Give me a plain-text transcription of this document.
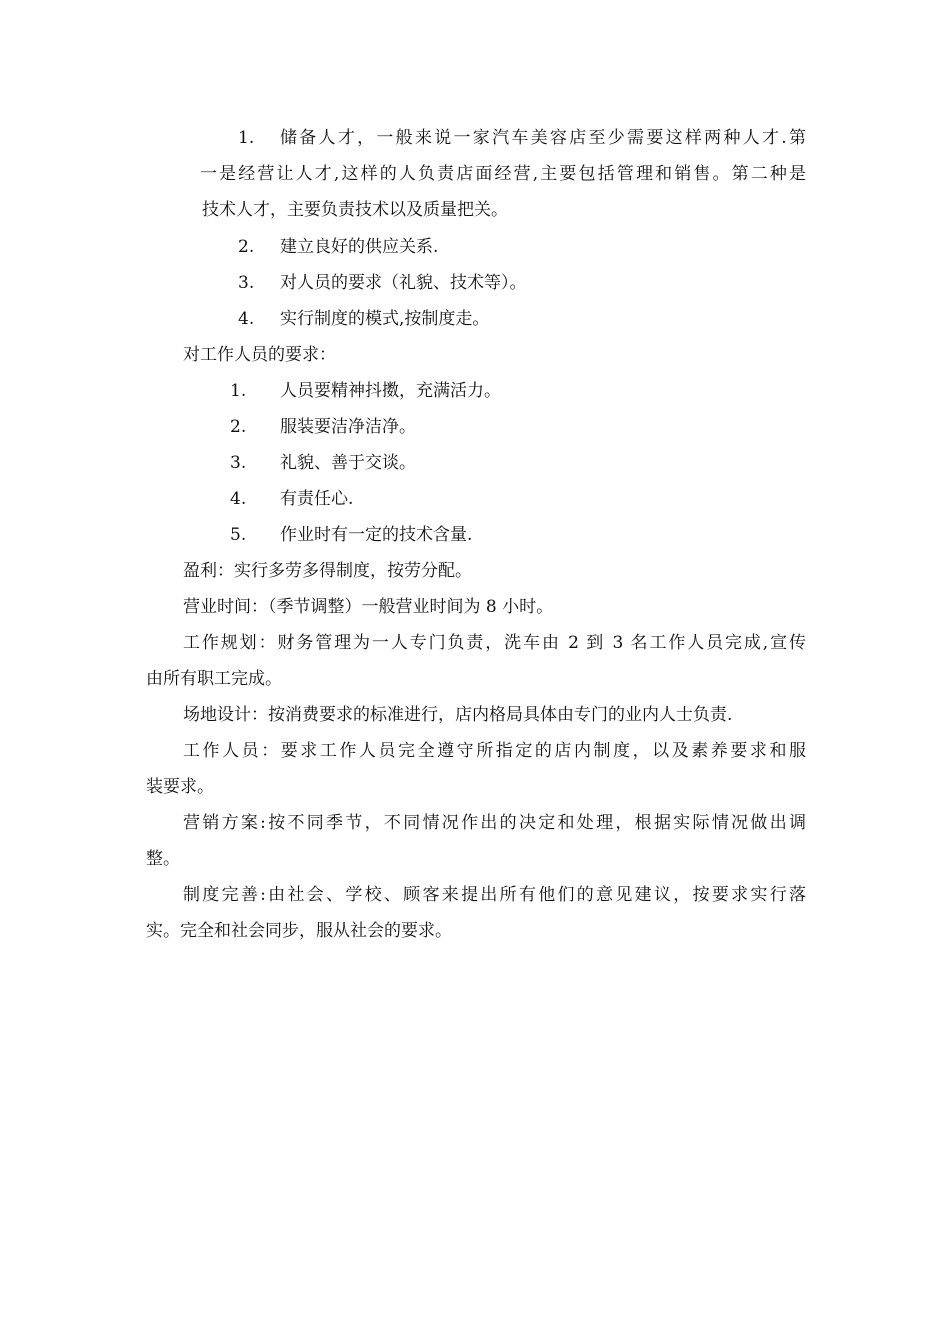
1. 储备人才，一般来说一家汽车美容店至少需要这样两种人才.第
一是经营让人才,这样的人负责店面经营,主要包括管理和销售。第二种是
技术人才，主要负责技术以及质量把关。
2. 建立良好的供应关系.
3. 对人员的要求（礼貌、技术等）。
4. 实行制度的模式,按制度走。
对工作人员的要求：
1. 人员要精神抖擞，充满活力。
2. 服装要洁净洁净。
3. 礼貌、善于交谈。
4. 有责任心.
5. 作业时有一定的技术含量.
盈利：实行多劳多得制度，按劳分配。
营业时间：（季节调整）一般营业时间为 8 小时。
工作规划：财务管理为一人专门负责，洗车由 2 到 3 名工作人员完成,宣传
由所有职工完成。
场地设计：按消费要求的标准进行，店内格局具体由专门的业内人士负责.
工作人员：要求工作人员完全遵守所指定的店内制度，以及素养要求和服
装要求。
营销方案:按不同季节，不同情况作出的决定和处理，根据实际情况做出调
整。
制度完善:由社会、学校、顾客来提出所有他们的意见建议，按要求实行落
实。完全和社会同步，服从社会的要求。
